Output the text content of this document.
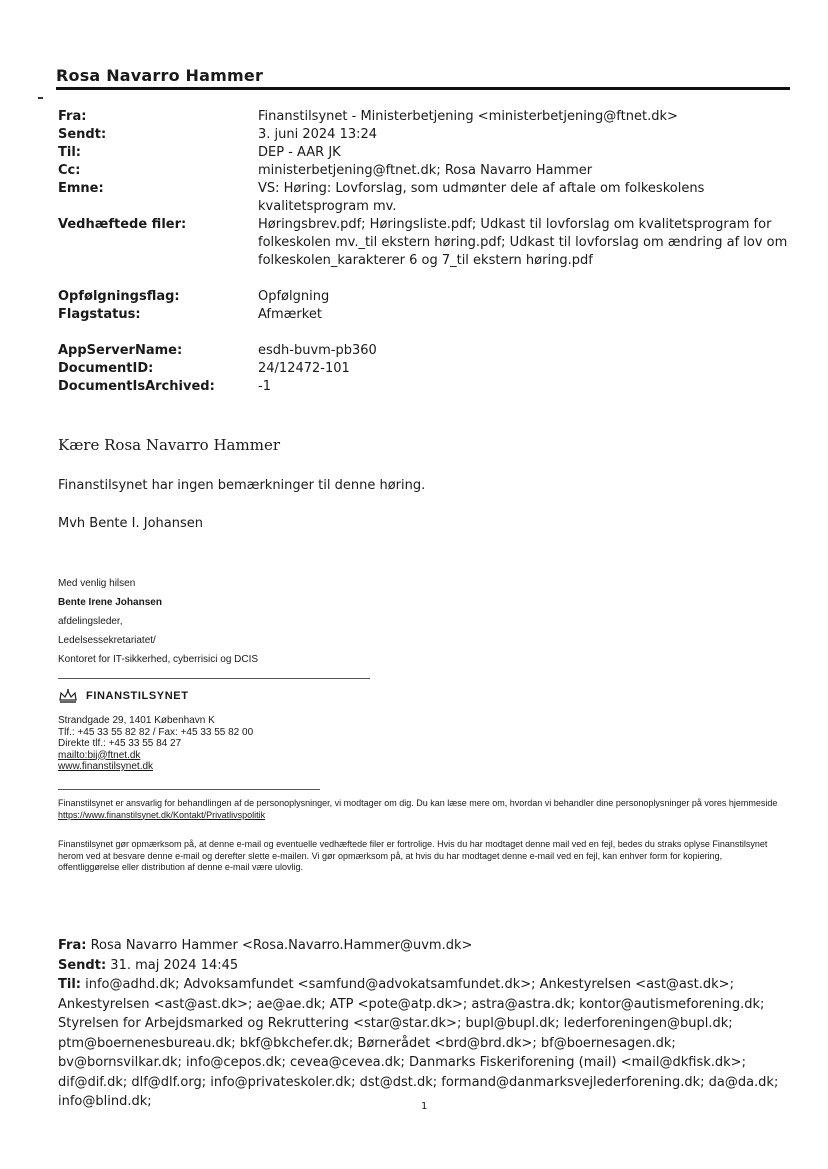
Rosa Navarro Hammer
Fra:	Finanstilsynet - Ministerbetjening <ministerbetjening@ftnet.dk>
Sendt:	3. juni 2024 13:24
Til:	DEP - AAR JK
Cc:	ministerbetjening@ftnet.dk; Rosa Navarro Hammer
Emne:	VS: Høring: Lovforslag, som udmønter dele af aftale om folkeskolens kvalitetsprogram mv.
Vedhæftede filer:	Høringsbrev.pdf; Høringsliste.pdf; Udkast til lovforslag om kvalitetsprogram for folkeskolen mv._til ekstern høring.pdf; Udkast til lovforslag om ændring af lov om folkeskolen_karakterer 6 og 7_til ekstern høring.pdf
Opfølgningsflag:	Opfølgning
Flagstatus:	Afmærket
AppServerName:	esdh-buvm-pb360
DocumentID:	24/12472-101
DocumentIsArchived:	-1
Kære Rosa Navarro Hammer
Finanstilsynet har ingen bemærkninger til denne høring.
Mvh Bente I. Johansen
Med venlig hilsen
Bente Irene Johansen
afdelingsleder,
Ledelsessekretariatet/
Kontoret for IT-sikkerhed, cyberrisici og DCIS
FINANSTILSYNET
Strandgade 29, 1401 København K
Tlf.: +45 33 55 82 82 / Fax: +45 33 55 82 00
Direkte tlf.: +45 33 55 84 27
mailto:bij@ftnet.dk
www.finanstilsynet.dk
Finanstilsynet er ansvarlig for behandlingen af de personoplysninger, vi modtager om dig. Du kan læse mere om, hvordan vi behandler dine personoplysninger på vores hjemmeside https://www.finanstilsynet.dk/Kontakt/Privatlivspolitik
Finanstilsynet gør opmærksom på, at denne e-mail og eventuelle vedhæftede filer er fortrolige. Hvis du har modtaget denne mail ved en fejl, bedes du straks oplyse Finanstilsynet herom ved at besvare denne e-mail og derefter slette e-mailen. Vi gør opmærksom på, at hvis du har modtaget denne e-mail ved en fejl, kan enhver form for kopiering, offentliggørelse eller distribution af denne e-mail være ulovlig.
Fra: Rosa Navarro Hammer <Rosa.Navarro.Hammer@uvm.dk>
Sendt: 31. maj 2024 14:45
Til: info@adhd.dk; Advoksamfundet <samfund@advokatsamfundet.dk>; Ankestyrelsen <ast@ast.dk>; Ankestyrelsen <ast@ast.dk>; ae@ae.dk; ATP <pote@atp.dk>; astra@astra.dk; kontor@autismeforening.dk; Styrelsen for Arbejdsmarked og Rekruttering <star@star.dk>; bupl@bupl.dk; lederforeningen@bupl.dk; ptm@boernenesbureau.dk; bkf@bkchefer.dk; Børnerådet <brd@brd.dk>; bf@boernesagen.dk; bv@bornsvilkar.dk; info@cepos.dk; cevea@cevea.dk; Danmarks Fiskeriforening (mail) <mail@dkfisk.dk>; dif@dif.dk; dlf@dlf.org; info@privateskoler.dk; dst@dst.dk; formand@danmarksvejlederforening.dk; da@da.dk; info@blind.dk;	1
